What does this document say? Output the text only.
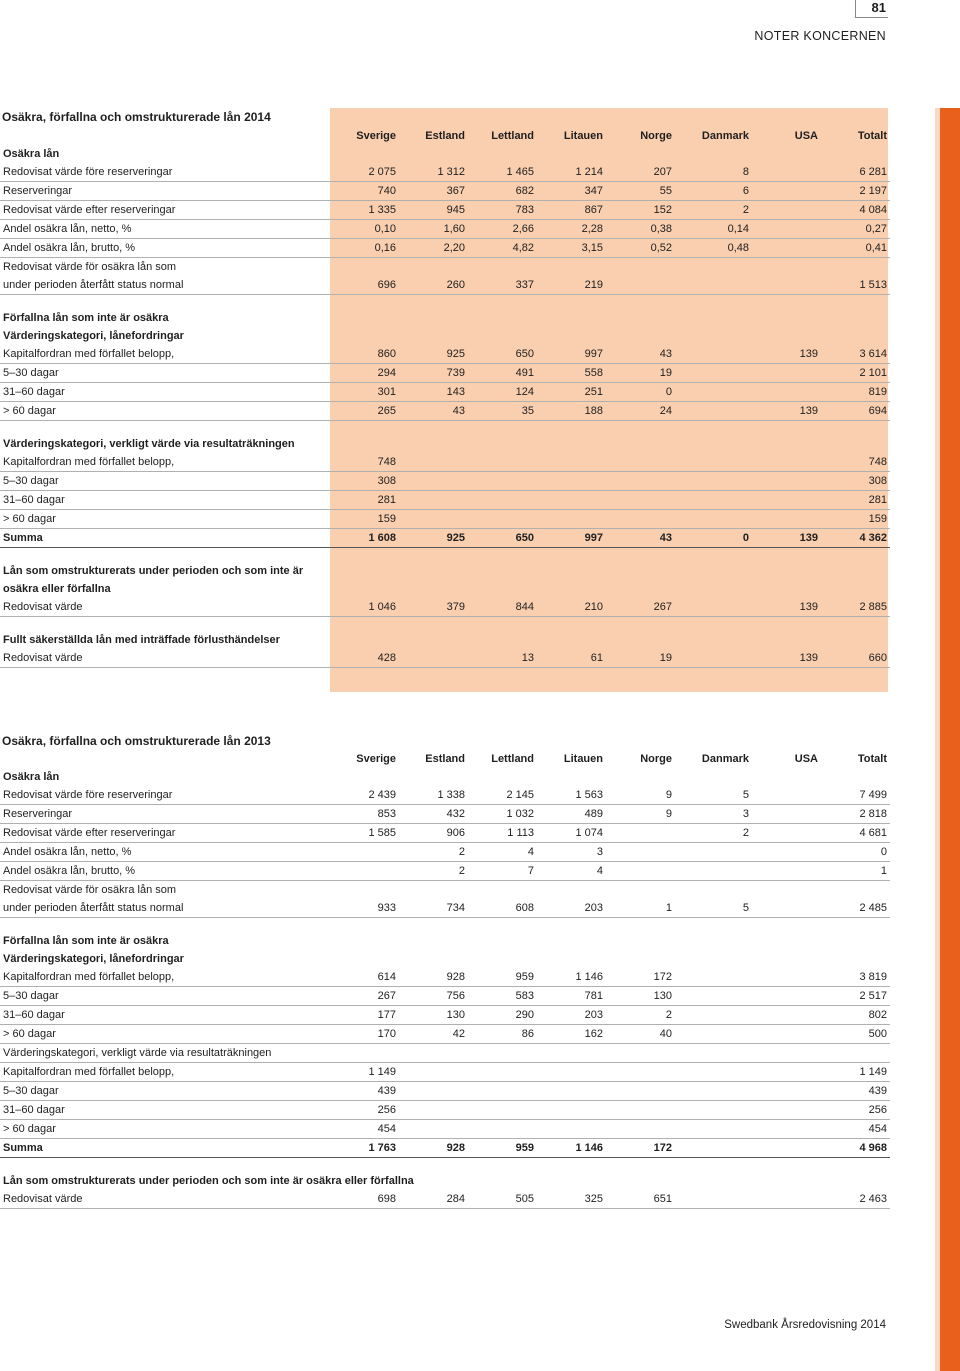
81
NOTER KONCERNEN
Osäkra, förfallna och omstrukturerade lån 2014
	Sverige	Estland	Lettland	Litauen	Norge	Danmark	USA	Totalt
Osäkra lån								
Redovisat värde före reserveringar	2 075	1 312	1 465	1 214	207	8		6 281
Reserveringar	740	367	682	347	55	6		2 197
Redovisat värde efter reserveringar	1 335	945	783	867	152	2		4 084
Andel osäkra lån, netto, %	0,10	1,60	2,66	2,28	0,38	0,14		0,27
Andel osäkra lån, brutto, %	0,16	2,20	4,82	3,15	0,52	0,48		0,41
Redovisat värde för osäkra lån som								
under perioden återfått status normal	696	260	337	219				1 513

Förfallna lån som inte är osäkra								
Värderingskategori, lånefordringar								
Kapitalfordran med förfallet belopp,	860	925	650	997	43		139	3 614
5–30 dagar	294	739	491	558	19			2 101
31–60 dagar	301	143	124	251	0			819
> 60 dagar	265	43	35	188	24		139	694

Värderingskategori, verkligt värde via resultaträkningen								
Kapitalfordran med förfallet belopp,	748							748
5–30 dagar	308							308
31–60 dagar	281							281
> 60 dagar	159							159
Summa	1 608	925	650	997	43	0	139	4 362

Lån som omstrukturerats under perioden och som inte är								
osäkra eller förfallna								
Redovisat värde	1 046	379	844	210	267		139	2 885

Fullt säkerställda lån med inträffade förlusthändelser								
Redovisat värde	428		13	61	19		139	660
Osäkra, förfallna och omstrukturerade lån 2013
	Sverige	Estland	Lettland	Litauen	Norge	Danmark	USA	Totalt
Osäkra lån								
Redovisat värde före reserveringar	2 439	1 338	2 145	1 563	9	5		7 499
Reserveringar	853	432	1 032	489	9	3		2 818
Redovisat värde efter reserveringar	1 585	906	1 113	1 074		2		4 681
Andel osäkra lån, netto, %		2	4	3				0
Andel osäkra lån, brutto, %		2	7	4				1
Redovisat värde för osäkra lån som								
under perioden återfått status normal	933	734	608	203	1	5		2 485

Förfallna lån som inte är osäkra								
Värderingskategori, lånefordringar								
Kapitalfordran med förfallet belopp,	614	928	959	1 146	172			3 819
5–30 dagar	267	756	583	781	130			2 517
31–60 dagar	177	130	290	203	2			802
> 60 dagar	170	42	86	162	40			500
Värderingskategori, verkligt värde via resultaträkningen								
Kapitalfordran med förfallet belopp,	1 149							1 149
5–30 dagar	439							439
31–60 dagar	256							256
> 60 dagar	454							454
Summa	1 763	928	959	1 146	172			4 968

Lån som omstrukturerats under perioden och som inte är osäkra eller förfallna								
Redovisat värde	698	284	505	325	651			2 463
Swedbank Årsredovisning 2014
